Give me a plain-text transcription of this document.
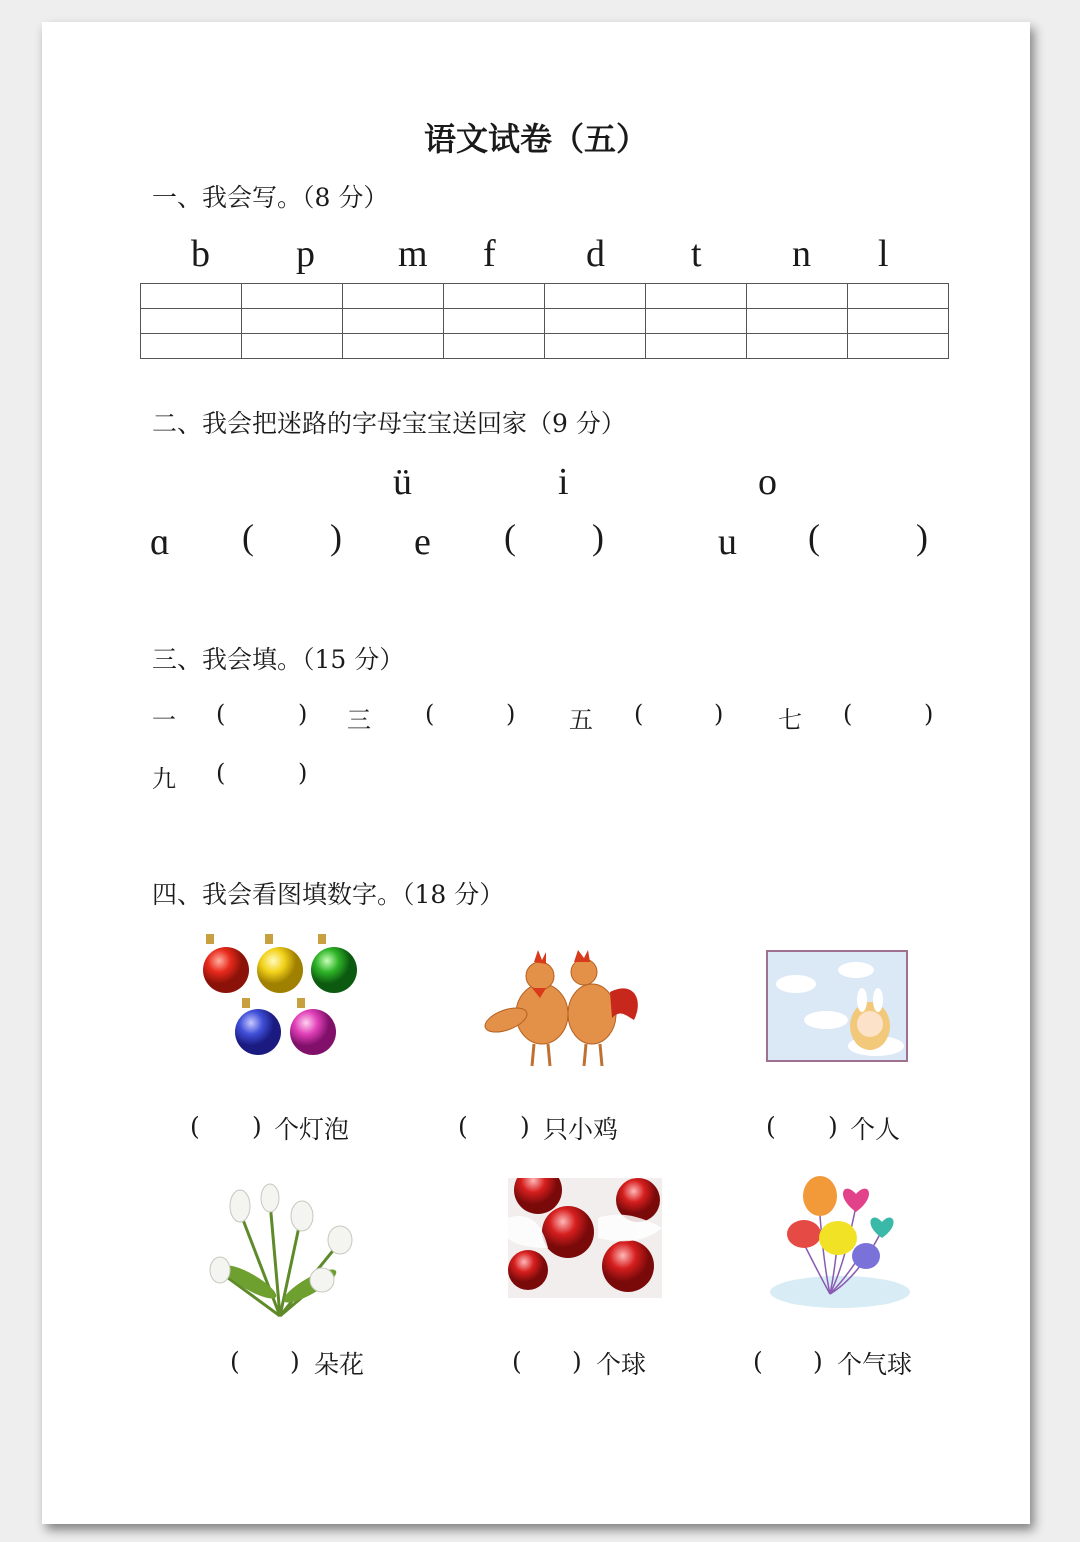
语文试卷（五）
一、我会写。（8 分）
b p m f d t n l

二、我会把迷路的字母宝宝送回家（9 分）
ü	i	o
ɑ ( ) e ( )	u (	)
三、我会填。（15 分）
一 (	) 三 (	) 五 (	) 七 (	)
九 (	)
四、我会看图填数字。（18 分）
( ) 个灯泡	( ) 只小鸡	( ) 个人
( ) 朵花	( ) 个球	( ) 个气球
